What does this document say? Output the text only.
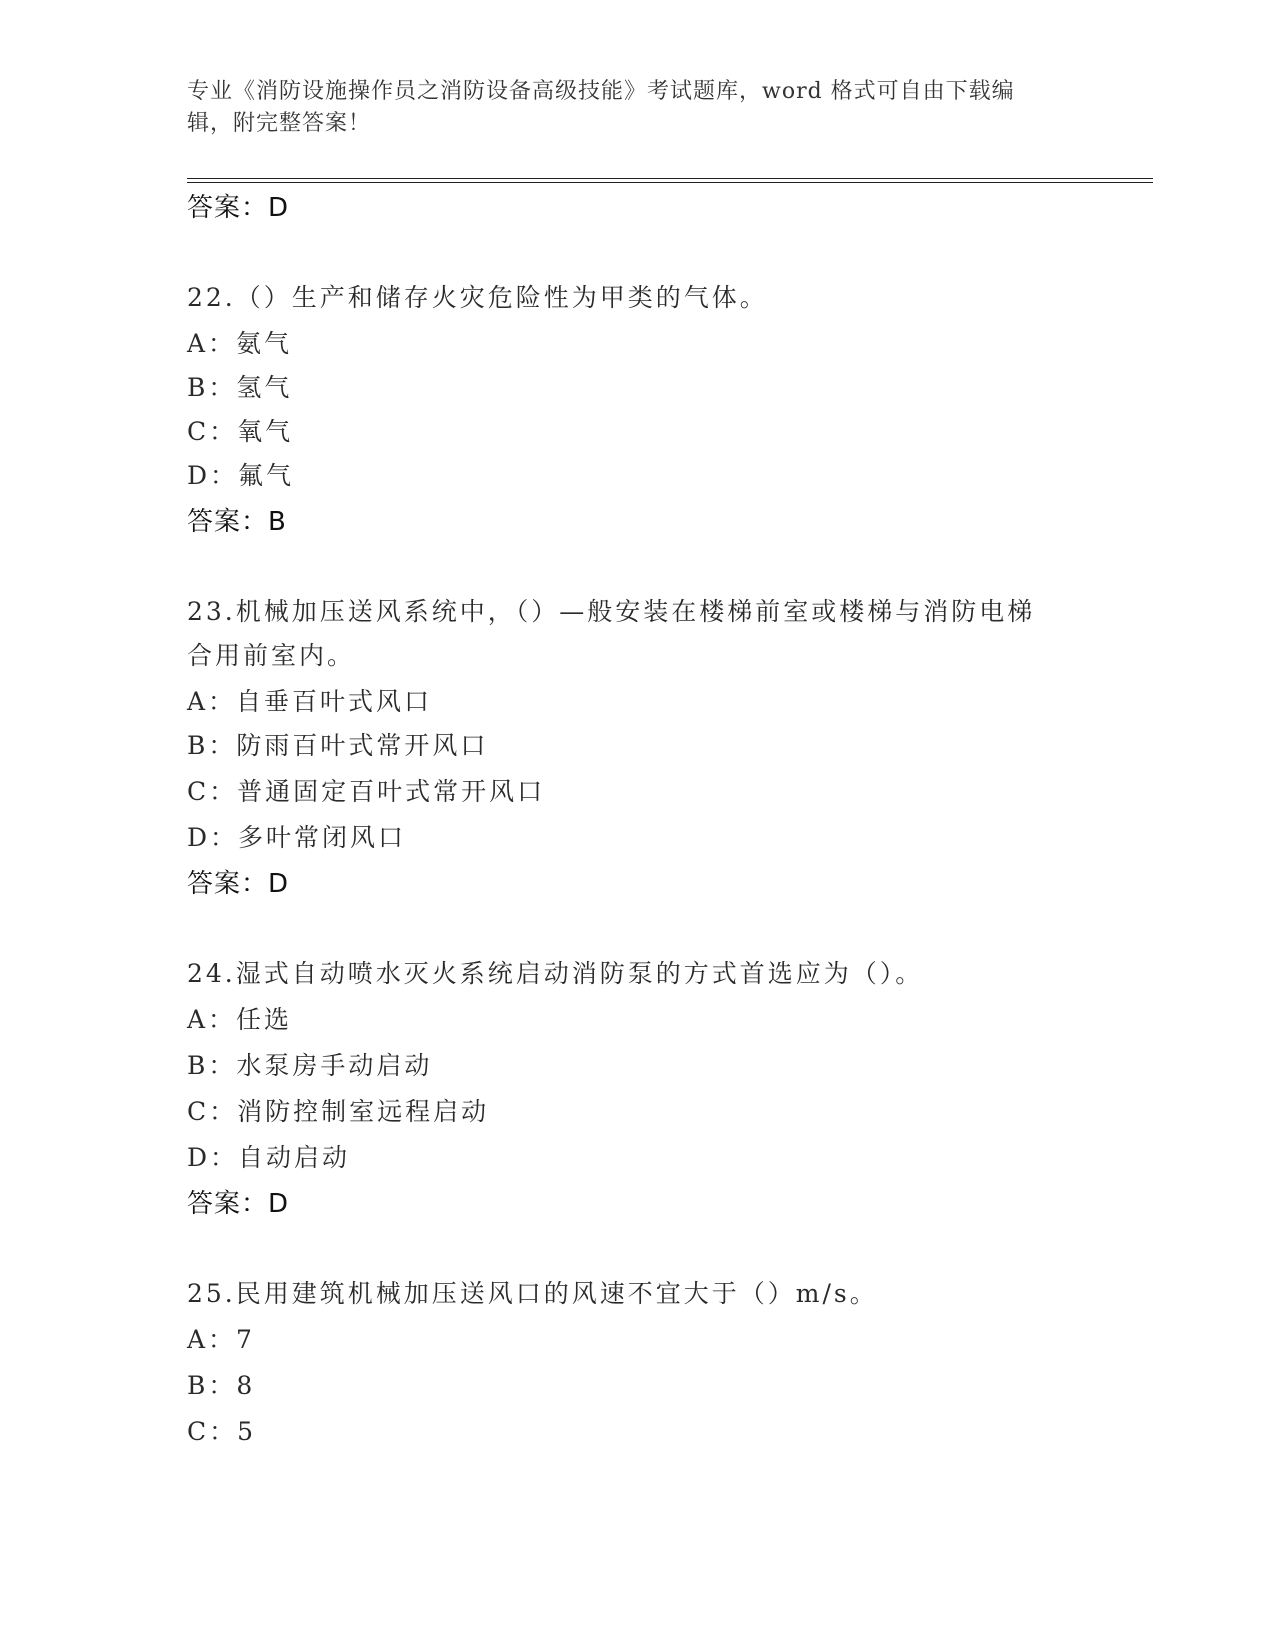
专业《消防设施操作员之消防设备高级技能》考试题库，word 格式可自由下载编
辑，附完整答案！
答案：D
22.（）生产和储存火灾危险性为甲类的气体。
A：氨气
B：氢气
C：氧气
D：氟气
答案：B
23.机械加压送风系统中，（）—般安装在楼梯前室或楼梯与消防电梯
合用前室内。
A：自垂百叶式风口
B：防雨百叶式常开风口
C：普通固定百叶式常开风口
D：多叶常闭风口
答案：D
24.湿式自动喷水灭火系统启动消防泵的方式首选应为（）。
A：任选
B：水泵房手动启动
C：消防控制室远程启动
D：自动启动
答案：D
25.民用建筑机械加压送风口的风速不宜大于（）m/s。
A：7
B：8
C：5
